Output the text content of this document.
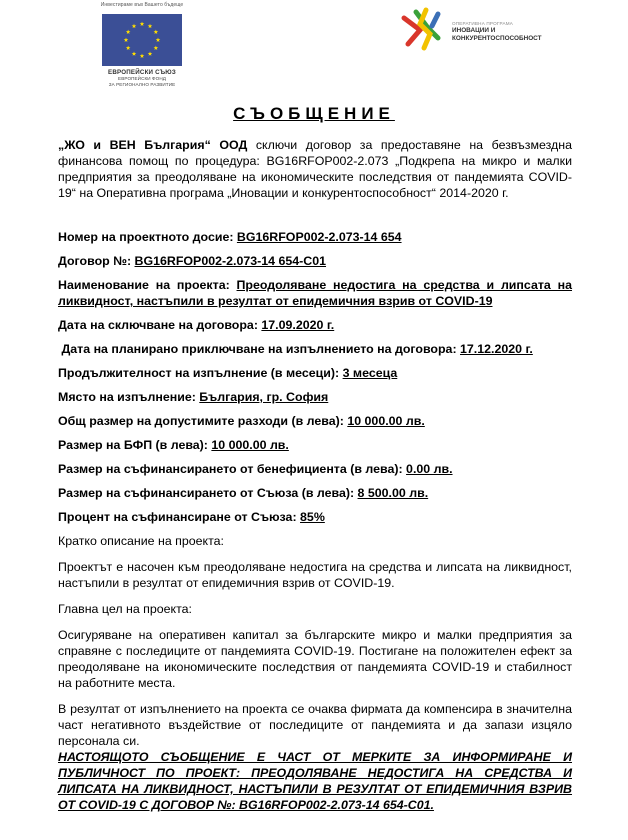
Инвестираме във Вашето бъдеще
ЕВРОПЕЙСКИ СЪЮЗ
ЕВРОПЕЙСКИ ФОНД
ЗА РЕГИОНАЛНО РАЗВИТИЕ
ОПЕРАТИВНА ПРОГРАМА
ИНОВАЦИИ И
КОНКУРЕНТОСПОСОБНОСТ
СЪОБЩЕНИЕ

„ЖО и ВЕН България“ ООД сключи договор за предоставяне на безвъзмездна финансова помощ по процедура: BG16RFOP002-2.073 „Подкрепа на микро и малки предприятия за преодоляване на икономическите последствия от пандемията COVID-19“ на Оперативна програма „Иновации и конкурентоспособност“ 2014-2020 г.

Номер на проектното досие: BG16RFOP002-2.073-14 654

Договор №: BG16RFOP002-2.073-14 654-C01

Наименование на проекта: Преодоляване недостига на средства и липсата на ликвидност, настъпили в резултат от епидемичния взрив от COVID-19

Дата на сключване на договора: 17.09.2020 г.

Дата на планирано приключване на изпълнението на договора: 17.12.2020 г.

Продължителност на изпълнение (в месеци): 3 месеца

Място на изпълнение: България, гр. София

Общ размер на допустимите разходи (в лева): 10 000.00 лв.

Размер на БФП (в лева): 10 000.00 лв.

Размер на съфинансирането от бенефициента (в лева): 0.00 лв.

Размер на съфинансирането от Съюза (в лева): 8 500.00 лв.

Процент на съфинансиране от Съюза: 85%

Кратко описание на проекта:

Проектът е насочен към преодоляване недостига на средства и липсата на ликвидност, настъпили в резултат от епидемичния взрив от COVID-19.

Главна цел на проекта:

Осигуряване на оперативен капитал за българските микро и малки предприятия за справяне с последиците от пандемията COVID-19. Постигане на положителен ефект за преодоляване на икономическите последствия от пандемията COVID-19 и стабилност на работните места.

В резултат от изпълнението на проекта се очаква фирмата да компенсира в значителна част негативното въздействие от последиците от пандемията и да запази изцяло персонала си.

НАСТОЯЩОТО СЪОБЩЕНИЕ Е ЧАСТ ОТ МЕРКИТЕ ЗА ИНФОРМИРАНЕ И ПУБЛИЧНОСТ ПО ПРОЕКТ: ПРЕОДОЛЯВАНЕ НЕДОСТИГА НА СРЕДСТВА И ЛИПСАТА НА ЛИКВИДНОСТ, НАСТЪПИЛИ В РЕЗУЛТАТ ОТ ЕПИДЕМИЧНИЯ ВЗРИВ ОТ COVID-19 С ДОГОВОР №: BG16RFOP002-2.073-14 654-C01.
